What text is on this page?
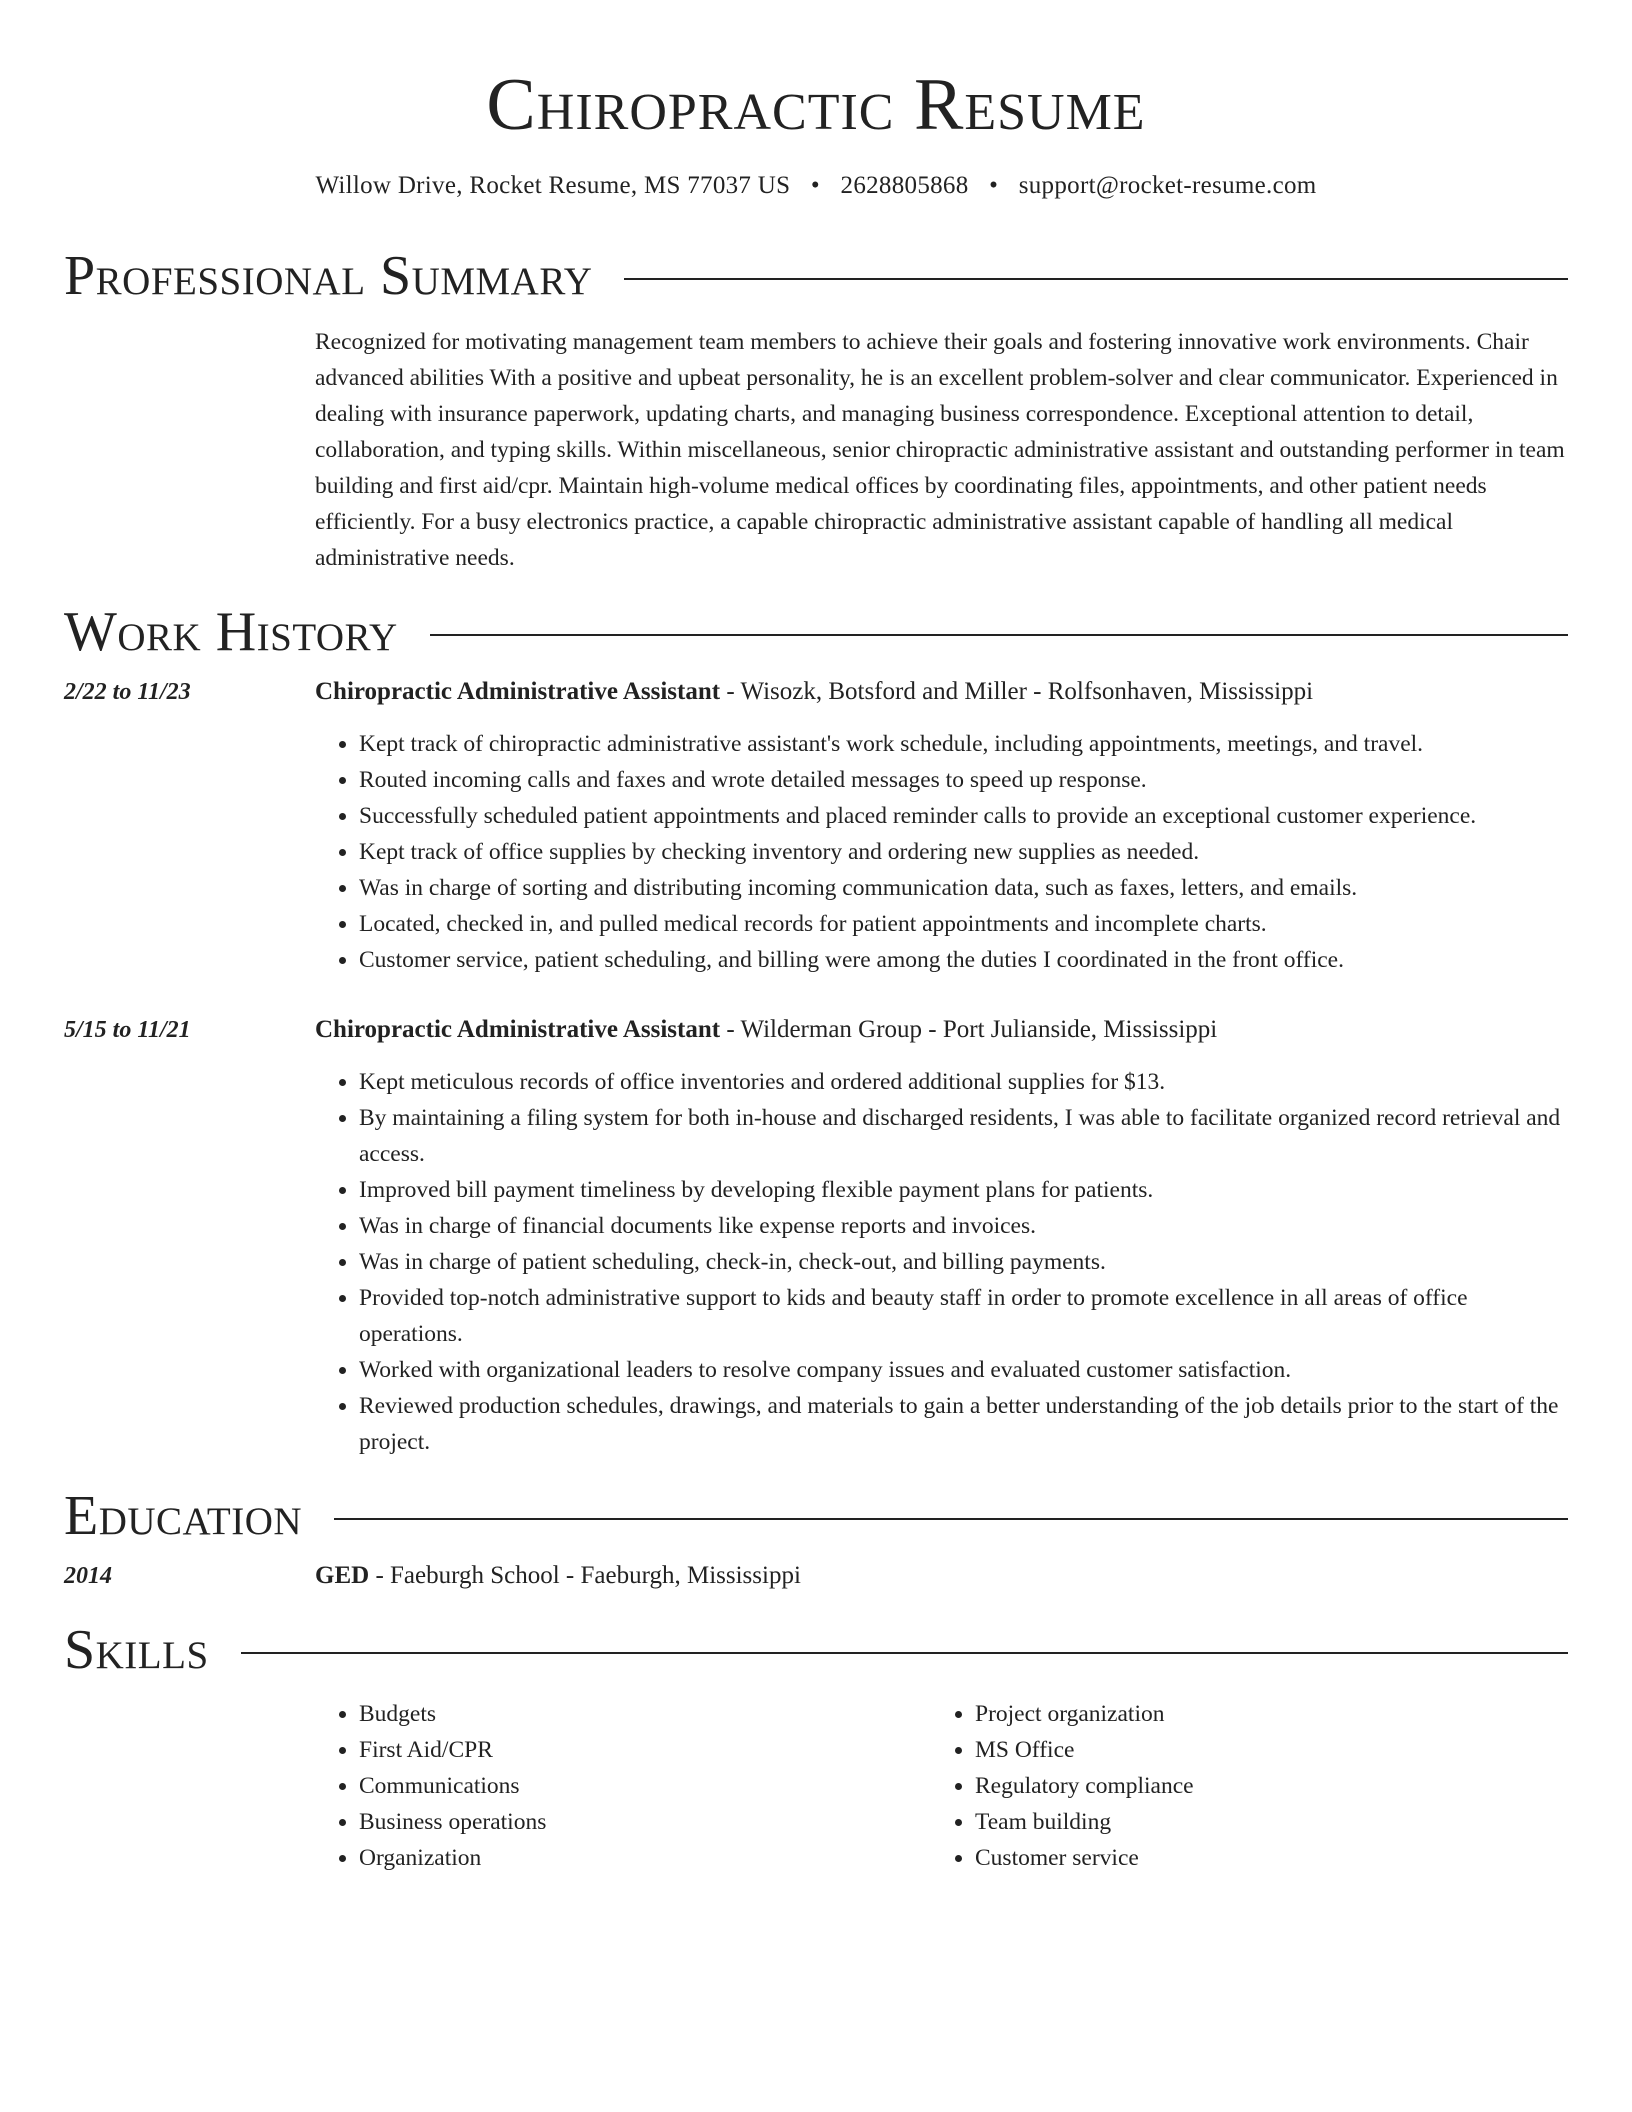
Chiropractic Resume
Willow Drive, Rocket Resume, MS 77037 US • 2628805868 • support@rocket-resume.com
Professional Summary

Recognized for motivating management team members to achieve their goals and fostering innovative work environments. Chair advanced abilities With a positive and upbeat personality, he is an excellent problem-solver and clear communicator. Experienced in dealing with insurance paperwork, updating charts, and managing business correspondence. Exceptional attention to detail, collaboration, and typing skills. Within miscellaneous, senior chiropractic administrative assistant and outstanding performer in team building and first aid/cpr. Maintain high-volume medical offices by coordinating files, appointments, and other patient needs efficiently. For a busy electronics practice, a capable chiropractic administrative assistant capable of handling all medical administrative needs.

Work History
2/22 to 11/23	Chiropractic Administrative Assistant - Wisozk, Botsford and Miller - Rolfsonhaven, Mississippi
• Kept track of chiropractic administrative assistant's work schedule, including appointments, meetings, and travel.
• Routed incoming calls and faxes and wrote detailed messages to speed up response.
• Successfully scheduled patient appointments and placed reminder calls to provide an exceptional customer experience.
• Kept track of office supplies by checking inventory and ordering new supplies as needed.
• Was in charge of sorting and distributing incoming communication data, such as faxes, letters, and emails.
• Located, checked in, and pulled medical records for patient appointments and incomplete charts.
• Customer service, patient scheduling, and billing were among the duties I coordinated in the front office.
5/15 to 11/21	Chiropractic Administrative Assistant - Wilderman Group - Port Julianside, Mississippi
• Kept meticulous records of office inventories and ordered additional supplies for $13.
• By maintaining a filing system for both in-house and discharged residents, I was able to facilitate organized record retrieval and access.
• Improved bill payment timeliness by developing flexible payment plans for patients.
• Was in charge of financial documents like expense reports and invoices.
• Was in charge of patient scheduling, check-in, check-out, and billing payments.
• Provided top-notch administrative support to kids and beauty staff in order to promote excellence in all areas of office operations.
• Worked with organizational leaders to resolve company issues and evaluated customer satisfaction.
• Reviewed production schedules, drawings, and materials to gain a better understanding of the job details prior to the start of the project.
Education
2014	GED - Faeburgh School - Faeburgh, Mississippi
Skills
• Budgets
• First Aid/CPR
• Communications
• Business operations
• Organization
• Project organization
• MS Office
• Regulatory compliance
• Team building
• Customer service
